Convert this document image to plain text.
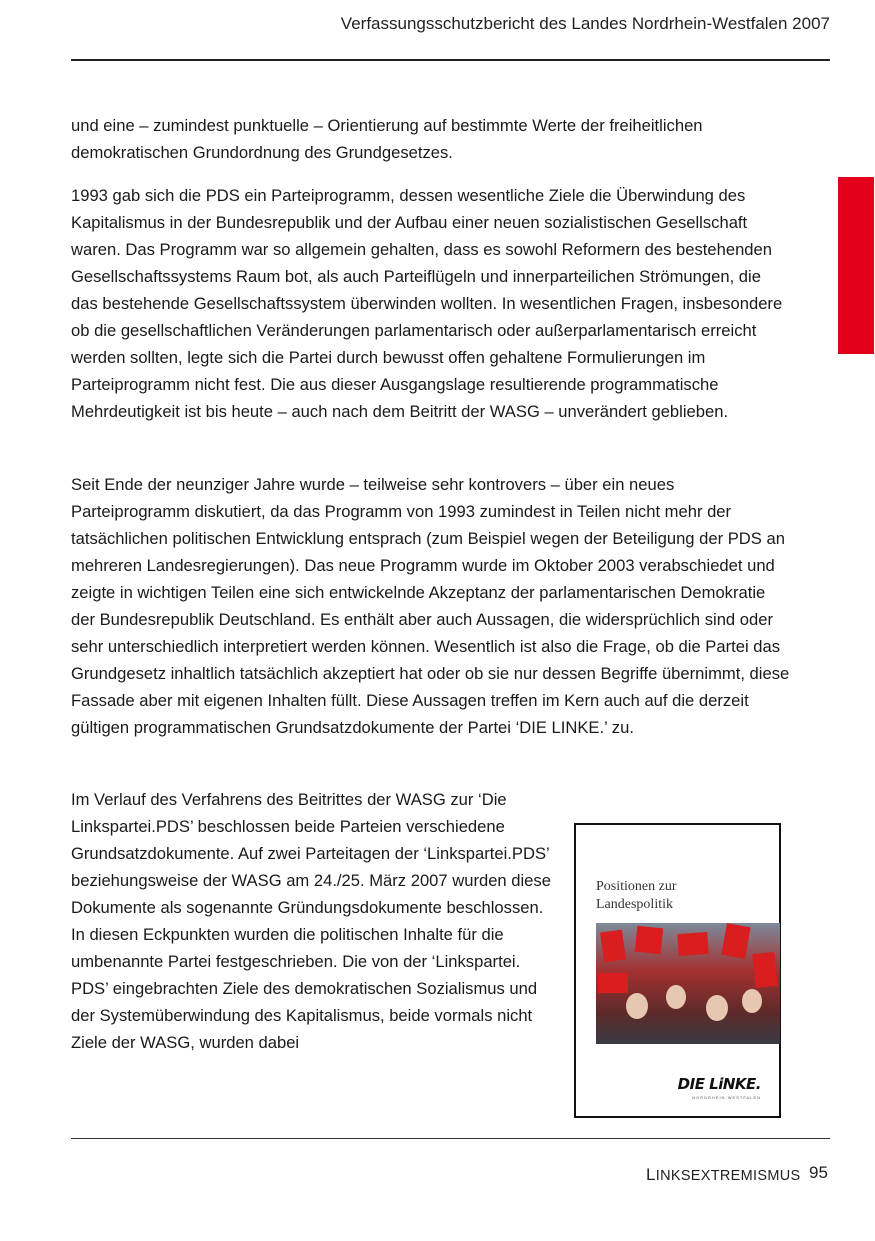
Verfassungsschutzbericht des Landes Nordrhein-Westfalen 2007

und eine – zumindest punktuelle – Orientierung auf bestimmte Werte der freiheitlichen demokratischen Grundordnung des Grundgesetzes.

1993 gab sich die PDS ein Parteiprogramm, dessen wesentliche Ziele die Überwindung des Kapitalismus in der Bundesrepublik und der Aufbau einer neuen sozialistischen Gesellschaft waren. Das Programm war so allgemein gehalten, dass es sowohl Reformern des bestehenden Gesellschaftssystems Raum bot, als auch Parteiflügeln und innerparteilichen Strömungen, die das bestehende Gesellschaftssystem überwinden wollten. In wesentlichen Fragen, insbesondere ob die gesellschaftlichen Veränderungen parlamentarisch oder außerparlamentarisch erreicht werden sollten, legte sich die Partei durch bewusst offen gehaltene Formulierungen im Parteiprogramm nicht fest. Die aus dieser Ausgangslage resultierende programmatische Mehrdeutigkeit ist bis heute – auch nach dem Beitritt der WASG – unverändert geblieben.

Seit Ende der neunziger Jahre wurde – teilweise sehr kontrovers – über ein neues Parteiprogramm diskutiert, da das Programm von 1993 zumindest in Teilen nicht mehr der tatsächlichen politischen Entwicklung entsprach (zum Beispiel wegen der Beteiligung der PDS an mehreren Landesregierungen). Das neue Programm wurde im Oktober 2003 verabschiedet und zeigte in wichtigen Teilen eine sich entwickelnde Akzeptanz der parlamentarischen Demokratie der Bundesrepublik Deutschland. Es enthält aber auch Aussagen, die widersprüchlich sind oder sehr unterschiedlich interpretiert werden können. Wesentlich ist also die Frage, ob die Partei das Grundgesetz inhaltlich tatsächlich akzeptiert hat oder ob sie nur dessen Begriffe übernimmt, diese Fassade aber mit eigenen Inhalten füllt. Diese Aussagen treffen im Kern auch auf die derzeit gültigen programmatischen Grundsatzdokumente der Partei ‘DIE LINKE.’ zu.

Im Verlauf des Verfahrens des Beitrittes der WASG zur ‘Die Linkspartei.PDS’ beschlossen beide Parteien verschiedene Grundsatzdokumente. Auf zwei Parteitagen der ‘Linkspartei.PDS’ beziehungsweise der WASG am 24./25. März 2007 wurden diese Dokumente als sogenannte Gründungsdokumente beschlossen. In diesen Eckpunkten wurden die politischen Inhalte für die umbenannte Partei festgeschrieben. Die von der ‘Linkspartei. PDS’ eingebrachten Ziele des demokratischen Sozialismus und der Systemüberwindung des Kapitalismus, beide vormals nicht Ziele der WASG, wurden dabei

Positionen zur
Landespolitik
DIE LiNKE.
NORDRHEIN-WESTFALEN
LINKSEXTREMISMUS 95
